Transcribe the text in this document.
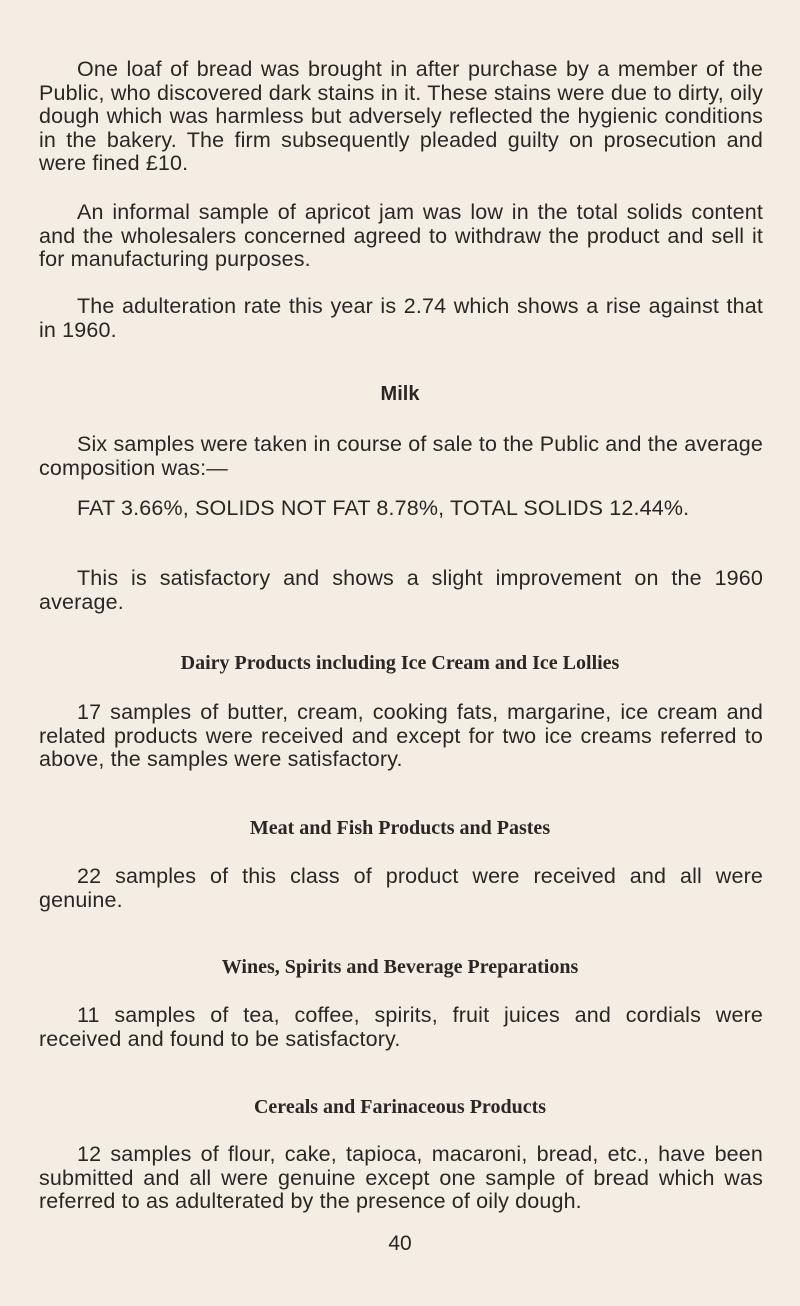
One loaf of bread was brought in after purchase by a member of the Public, who discovered dark stains in it. These stains were due to dirty, oily dough which was harmless but adversely reflected the hygienic conditions in the bakery. The firm subsequently pleaded guilty on prosecution and were fined £10.

An informal sample of apricot jam was low in the total solids content and the wholesalers concerned agreed to withdraw the product and sell it for manufacturing purposes.

The adulteration rate this year is 2.74 which shows a rise against that in 1960.

Milk

Six samples were taken in course of sale to the Public and the average composition was:—

FAT 3.66%, SOLIDS NOT FAT 8.78%, TOTAL SOLIDS 12.44%.

This is satisfactory and shows a slight improvement on the 1960 average.

Dairy Products including Ice Cream and Ice Lollies

17 samples of butter, cream, cooking fats, margarine, ice cream and related products were received and except for two ice creams referred to above, the samples were satisfactory.

Meat and Fish Products and Pastes

22 samples of this class of product were received and all were genuine.

Wines, Spirits and Beverage Preparations

11 samples of tea, coffee, spirits, fruit juices and cordials were received and found to be satisfactory.

Cereals and Farinaceous Products

12 samples of flour, cake, tapioca, macaroni, bread, etc., have been submitted and all were genuine except one sample of bread which was referred to as adulterated by the presence of oily dough.

40
